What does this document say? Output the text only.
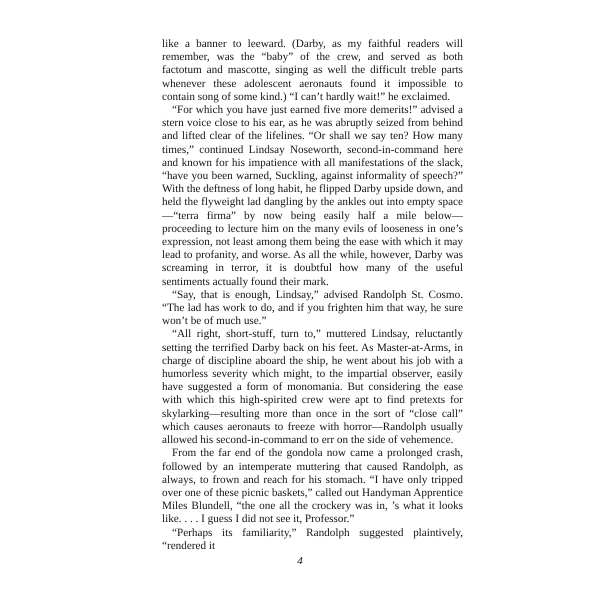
like a banner to leeward. (Darby, as my faithful readers will remember, was the “baby” of the crew, and served as both factotum and mascotte, singing as well the difficult treble parts whenever these adolescent aeronauts found it impossible to contain song of some kind.) “I can’t hardly wait!” he exclaimed.

“For which you have just earned five more demerits!” advised a stern voice close to his ear, as he was abruptly seized from behind and lifted clear of the lifelines. “Or shall we say ten? How many times,” continued Lindsay Noseworth, second-in-command here and known for his impatience with all manifestations of the slack, “have you been warned, Suckling, against informality of speech?” With the deftness of long habit, he flipped Darby upside down, and held the flyweight lad dangling by the ankles out into empty space—“terra firma” by now being easily half a mile below—proceeding to lecture him on the many evils of looseness in one’s expression, not least among them being the ease with which it may lead to profanity, and worse. As all the while, however, Darby was screaming in terror, it is doubtful how many of the useful sentiments actually found their mark.

“Say, that is enough, Lindsay,” advised Randolph St. Cosmo. “The lad has work to do, and if you frighten him that way, he sure won’t be of much use.”

“All right, short-stuff, turn to,” muttered Lindsay, reluctantly setting the terrified Darby back on his feet. As Master-at-Arms, in charge of discipline aboard the ship, he went about his job with a humorless severity which might, to the impartial observer, easily have suggested a form of monomania. But considering the ease with which this high-spirited crew were apt to find pretexts for skylarking—resulting more than once in the sort of “close call” which causes aeronauts to freeze with horror—Randolph usually allowed his second-in-command to err on the side of vehemence.

From the far end of the gondola now came a prolonged crash, followed by an intemperate muttering that caused Randolph, as always, to frown and reach for his stomach. “I have only tripped over one of these picnic baskets,” called out Handyman Apprentice Miles Blundell, “the one all the crockery was in, ’s what it looks like. . . . I guess I did not see it, Professor.”

“Perhaps its familiarity,” Randolph suggested plaintively, “rendered it

4
